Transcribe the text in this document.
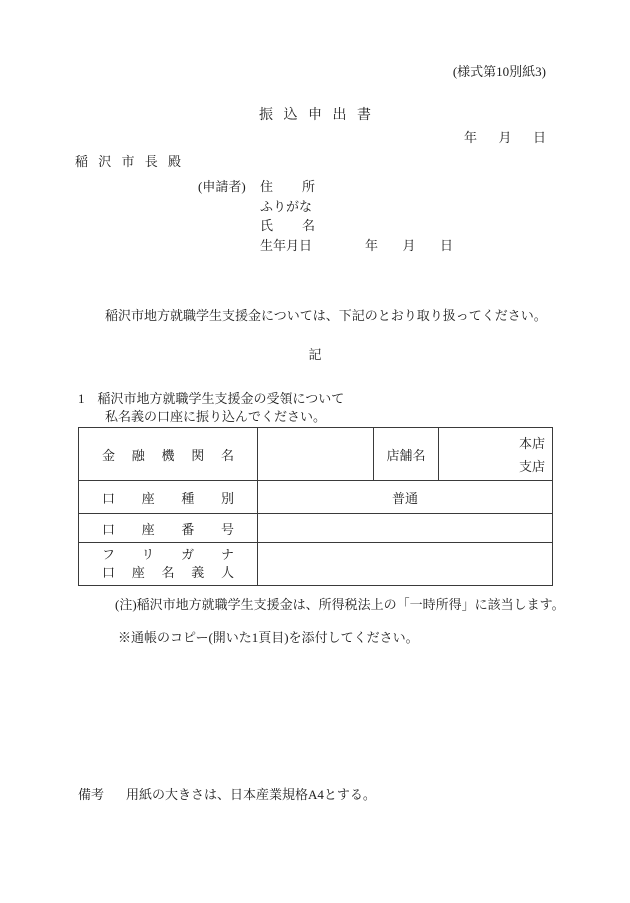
(様式第10別紙3)
振込申出書
年月日
稲沢市長殿
(申請者) 住所
ふりがな
氏名
生年月日	年月日
稲沢市地方就職学生支援金については、下記のとおり取り扱ってください。
記
1 稲沢市地方就職学生支援金の受領について
私名義の口座に振り込んでください。
金融機関名		店舗名	本店
支店

口座種別	普通		
口座番号			

フリガナ
口座名義人			

(注)稲沢市地方就職学生支援金は、所得税法上の「一時所得」に該当します。
※通帳のコピー(開いた1頁目)を添付してください。
備考 用紙の大きさは、日本産業規格A4とする。
